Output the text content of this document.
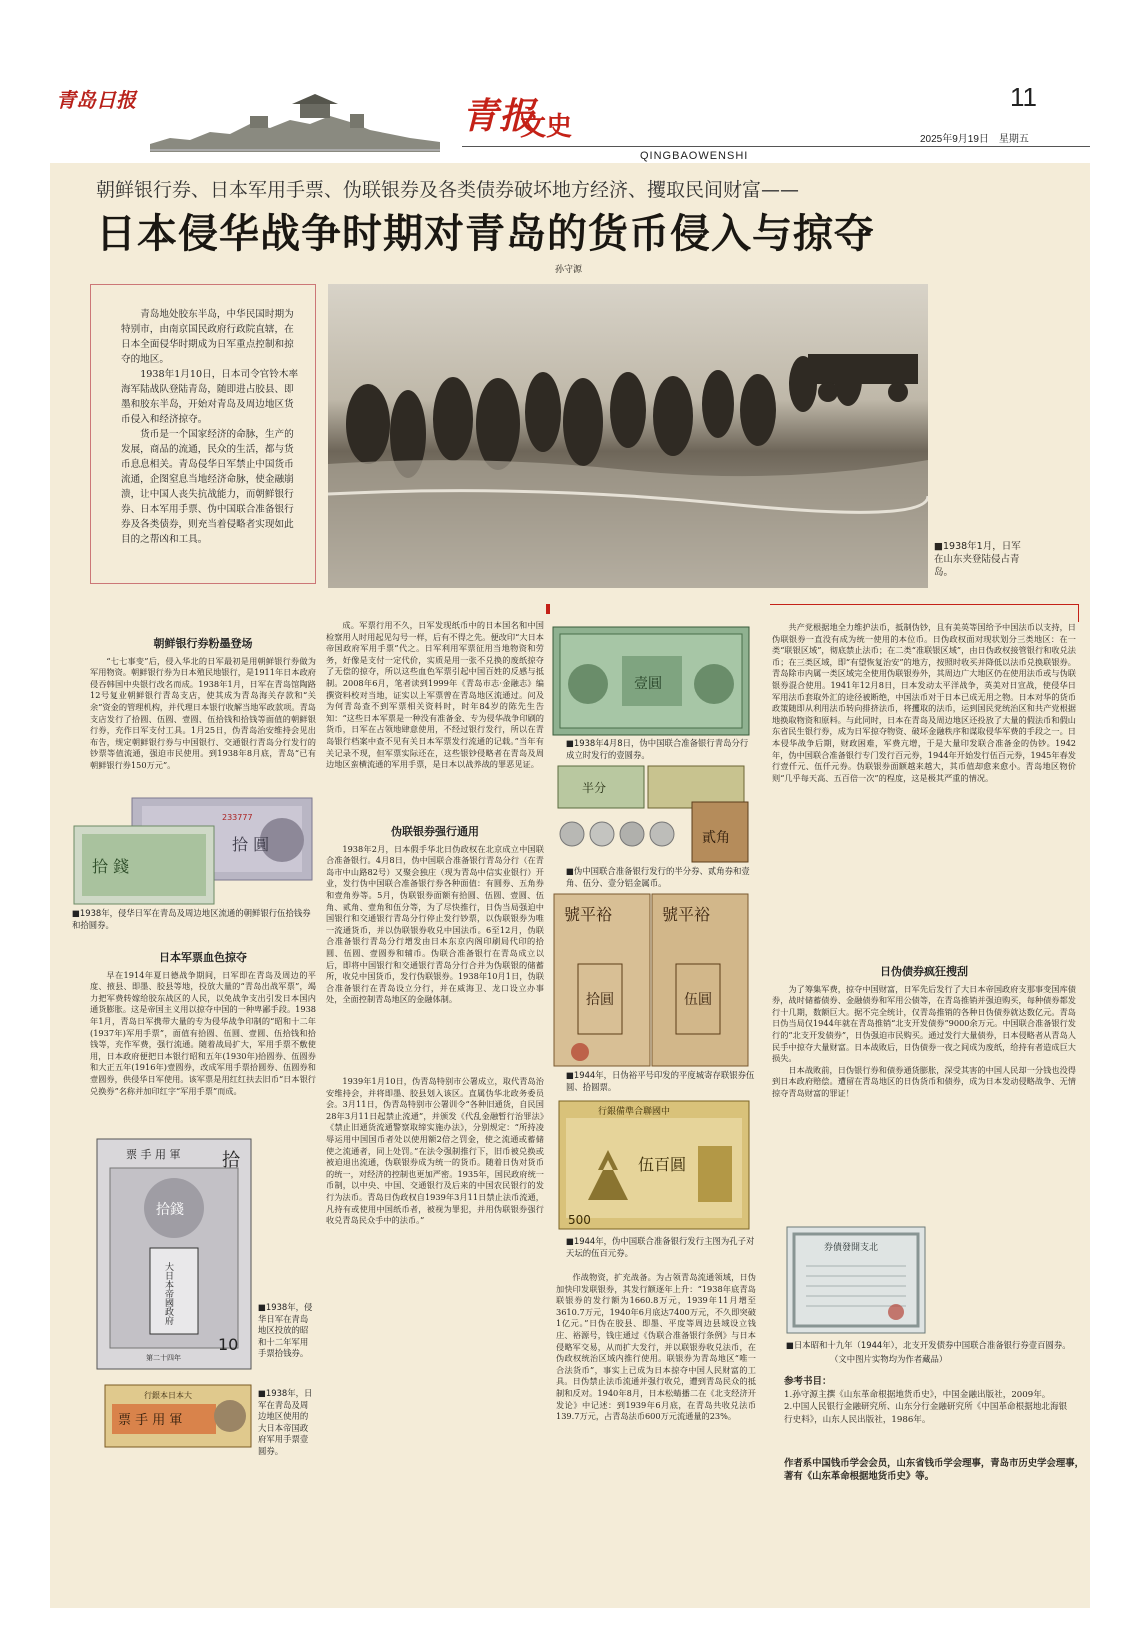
青岛日报	青报
文史
11
2025年9月19日　星期五
QINGBAOWENSHI
朝鲜银行券、日本军用手票、伪联银券及各类债券破坏地方经济、攫取民间财富——
日本侵华战争时期对青岛的货币侵入与掠夺
孙守源

青岛地处胶东半岛，中华民国时期为特别市，由南京国民政府行政院直辖，在日本全面侵华时期成为日军重点控制和掠夺的地区。

1938年1月10日，日本司令官铃木率海军陆战队登陆青岛，随即进占胶县、即墨和胶东半岛，开始对青岛及周边地区货币侵入和经济掠夺。

货币是一个国家经济的命脉，生产的发展，商品的流通，民众的生活，都与货币息息相关。青岛侵华日军禁止中国货币流通，企图窒息当地经济命脉，使金融崩溃，让中国人丧失抗战能力，而朝鲜银行券、日本军用手票、伪中国联合准备银行券及各类债券，则充当着侵略者实现如此目的之帮凶和工具。

■1938年1月，日军在山东夹登陆侵占青岛。
朝鲜银行券粉墨登场

“七七事变”后，侵入华北的日军最初是用朝鲜银行券做为军用物资。朝鲜银行券为日本殖民地银行，是1911年日本政府侵吞韩国中央银行改名而成。1938年1月，日军在青岛馆陶路12号复业朝鲜银行青岛支店，使其成为青岛海关存款和“关余”资金的管理机构，并代理日本银行收解当地军政款项。青岛支店发行了拾圆、伍圆、壹圆、伍拾钱和拾钱等面值的朝鲜银行券，充作日军支付工具。1月25日，伪青岛治安维持会见出布告，规定朝鲜银行券与中国银行、交通银行青岛分行发行的钞票等值流通，强迫市民使用。到1938年8月底，青岛“已有朝鲜银行券150万元”。

拾 圓
拾 錢
233777
■1938年，侵华日军在青岛及周边地区流通的朝鲜银行伍拾钱券和拾圆券。
日本军票血色掠夺

早在1914年夏日德战争期间，日军即在青岛及周边的平度、掖县、即墨、胶县等地，投放大量的“青岛出战军票”，竭力把军费转嫁给胶东战区的人民，以免战争支出引发日本国内通货膨胀。这是帝国主义用以掠夺中国的一种卑鄙手段。1938年1月，青岛日军携带大量的专为侵华战争印制的“昭和十二年(1937年)军用手票”，面值有拾圆、伍圆、壹圆、伍拾钱和拾钱等，充作军费，强行流通。随着战局扩大，军用手票不敷使用，日本政府便把日本银行昭和五年(1930年)拾圆券、伍圆券和大正五年(1916年)壹圆券，改成军用手票拾圆券、伍圆券和壹圆券，供侵华日军使用。该军票是用红红扶去旧币“日本银行兑换券”名称并加印红字“军用手票”而成。

票 手 用 軍 拾
拾錢
大日本帝國政府
第二十四年
10
■1938年，侵华日军在青岛地区投放的昭和十二年军用手票拾钱券。
行銀本日本大
票 手 用 軍
■1938年，日军在青岛及周边地区使用的大日本帝国政府军用手票壹圆券。

成。军票行用不久，日军发现纸币中的日本国名和中国检察用人时用起见勾号一样，后有不得之先。便改印“大日本帝国政府军用手票”代之。日军利用军票征用当地物资和劳务，好像是支付一定代价，实质是用一张不兑换的废纸掠夺了无偿的掠夺，所以这些血色军票引起中国百姓的反感与抵制。2008年6月，笔者读到1999年《青岛市志·金融志》编撰资料校对当地，证实以上军票曾在青岛地区流通过。问及为何青岛查不到军票相关资料时，时年84岁的陈先生告知：“这些日本军票是一种没有准备金、专为侵华战争印刷的货币，日军在占领地肆意使用，不经过银行发行，所以在青岛银行档案中查不见有关日本军票发行流通的记载。”当年有关记录不现，但军票实际还在，这些银钞侵略者在青岛及周边地区蛮横流通的军用手票，是日本以战养战的罪恶见证。

伪联银券强行通用

1938年2月，日本假手华北日伪政权在北京成立中国联合准备银行。4月8日，伪中国联合准备银行青岛分行（在青岛市中山路82号）又聚会独庄（现为青岛中信实业银行）开业，发行伪中国联合准备银行券各种面值：有圆券、五角券和壹角券等。5月，伪联银券面额有拾圆、伍圆、壹圆、伍角、贰角、壹角和伍分等，为了尽快推行，日伪当局强迫中国银行和交通银行青岛分行停止发行钞票，以伪联银券为唯一流通货币，并以伪联银券收兑中国法币。6至12月，伪联合准备银行青岛分行增发由日本东京内阁印刷局代印的拾圆、伍圆、壹圆券和辅币。伪联合准备银行在青岛成立以后，即将中国银行和交通银行青岛分行合并为伪联银的储蓄所，收兑中国货币，发行伪联银券。1938年10月1日，伪联合准备银行在青岛设立分行，并在威海卫、龙口设立办事处，全面控制青岛地区的金融体制。

1939年1月10日，伪青岛特别市公署成立，取代青岛治安维持会，并将即墨、胶县划入该区。直属伪华北政务委员会。3月11日，伪青岛特别市公署训令“各种旧通货，自民国28年3月11日起禁止流通”，并颁发《代乱金融暂行治罪法》《禁止旧通货流通警察取缔实施办法》，分别规定：“所持凌辱运用中国国币者处以使用额2倍之罚金，使之流通或蓄储使之流通者，同上处罚。”在法令强制推行下，旧币被兑换或被迫退出流通，伪联银券成为统一的货币。随着日伪对货币的统一，对经济的控制也更加严密。1935年，国民政府统一币制，以中央、中国、交通银行及后来的中国农民银行的发行为法币。青岛日伪政权自1939年3月11日禁止法币流通，凡持有或使用中国纸币者，被视为罪犯，并用伪联银券强行收兑青岛民众手中的法币。”

壹圓
■1938年4月8日，伪中国联合准备银行青岛分行成立时发行的壹圆券。
半分
貳角
■伪中国联合准备银行发行的半分券、贰角券和壹角、伍分、壹分铝金属币。
號平裕	號平裕
拾圓	伍圓
■1944年，日伪裕平号印发的平度城寄存联银券伍圆、拾圆票。
行銀備準合聯國中
伍百圓
500
■1944年，伪中国联合准备银行发行主图为孔子对天坛的伍百元券。

作战物资，扩充战备。为占领青岛流通领域，日伪加快印发联银券，其发行额逐年上升：“1938年底青岛联银券的发行额为1660.8万元，1939年11月增至3610.7万元，1940年6月底达7400万元，不久即突破1亿元。”日伪在胶县、即墨、平度等周边县域设立钱庄、裕源号，钱庄通过《伪联合准备银行条例》与日本侵略军交易，从而扩大发行，并以联银券收兑法币，在伪政权统治区域内推行使用。联银券为青岛地区“唯一合法货币”，事实上已成为日本掠夺中国人民财富的工具。日伪禁止法币流通并强行收兑，遭到青岛民众的抵制和反对。1940年8月，日本松蜻播二在《北支经济开发论》中记述：到1939年6月底，在青岛共收兑法币139.7万元，占青岛法币600万元流通量的23%。

共产党根据地全力维护法币，抵制伪钞，且有美英等国给予中国法币以支持，日伪联银券一直没有成为统一使用的本位币。日伪政权面对现状划分三类地区：在一类“联银区域”，彻底禁止法币；在二类“准联银区域”，由日伪政权接管银行和收兑法币；在三类区域，即“有望恢复治安”的地方，按照时收买并降低以法币兑换联银券。青岛除市内属一类区域完全使用伪联银券外，其周边广大地区仍在使用法币或与伪联银券混合使用。1941年12月8日，日本发动太平洋战争，英美对日宣战，使侵华日军用法币套取外汇的途径被断绝，中国法币对于日本已成无用之物。日本对华的货币政策随即从利用法币转向排挤法币，将攫取的法币，运到国民党统治区和共产党根据地换取物资和原料。与此同时，日本在青岛及周边地区还投放了大量的假法币和假山东省民生银行券，成为日军掠夺物资、破坏金融秩序和谋取侵华军费的手段之一。日本侵华战争后期，财政困难，军费亢增，于是大量印发联合准备金的伪钞。1942年，伪中国联合准备银行专门发行百元券，1944年开始发行伍百元券，1945年春发行壹仟元、伍仟元券。伪联银券面额越来越大，其币值却愈来愈小。青岛地区物价则“几乎每天高、五百倍一次”的程度，这是极其严重的情况。

日伪债券疯狂搜刮

为了筹集军费，掠夺中国财富，日军先后发行了大日本帝国政府支那事变国库债券，战时储蓄债券、金融债券和军用公债等，在青岛推销并强迫购买，每种债券都发行十几期，数额巨大。据不完全统计，仅青岛推销的各种日伪债券就达数亿元。青岛日伪当局仅1944年就在青岛推销“北支开发债券”9000余万元。中国联合准备银行发行的“北支开发债券”，日伪强迫市民购买。通过发行大量债券，日本侵略者从青岛人民手中掠夺大量财富。日本战败后，日伪债券一夜之间成为废纸，给持有者造成巨大损失。

日本战败前，日伪银行券和债券通货膨胀，深受其害的中国人民却一分钱也没得到日本政府赔偿。遭留在青岛地区的日伪货币和债券，成为日本发动侵略战争、无情掠夺青岛财富的罪证！

券債發開支北
■日本昭和十九年（1944年），北支开发债券中国联合准备银行券壹百圆券。
（文中图片实物均为作者藏品）
参考书目：
1.孙守源主撰《山东革命根据地货币史》，中国金融出版社，2009年。
2.中国人民银行金融研究所、山东分行金融研究所《中国革命根据地北海银行史料》，山东人民出版社，1986年。
作者系中国钱币学会会员，山东省钱币学会理事，青岛市历史学会理事，著有《山东革命根据地货币史》等。
